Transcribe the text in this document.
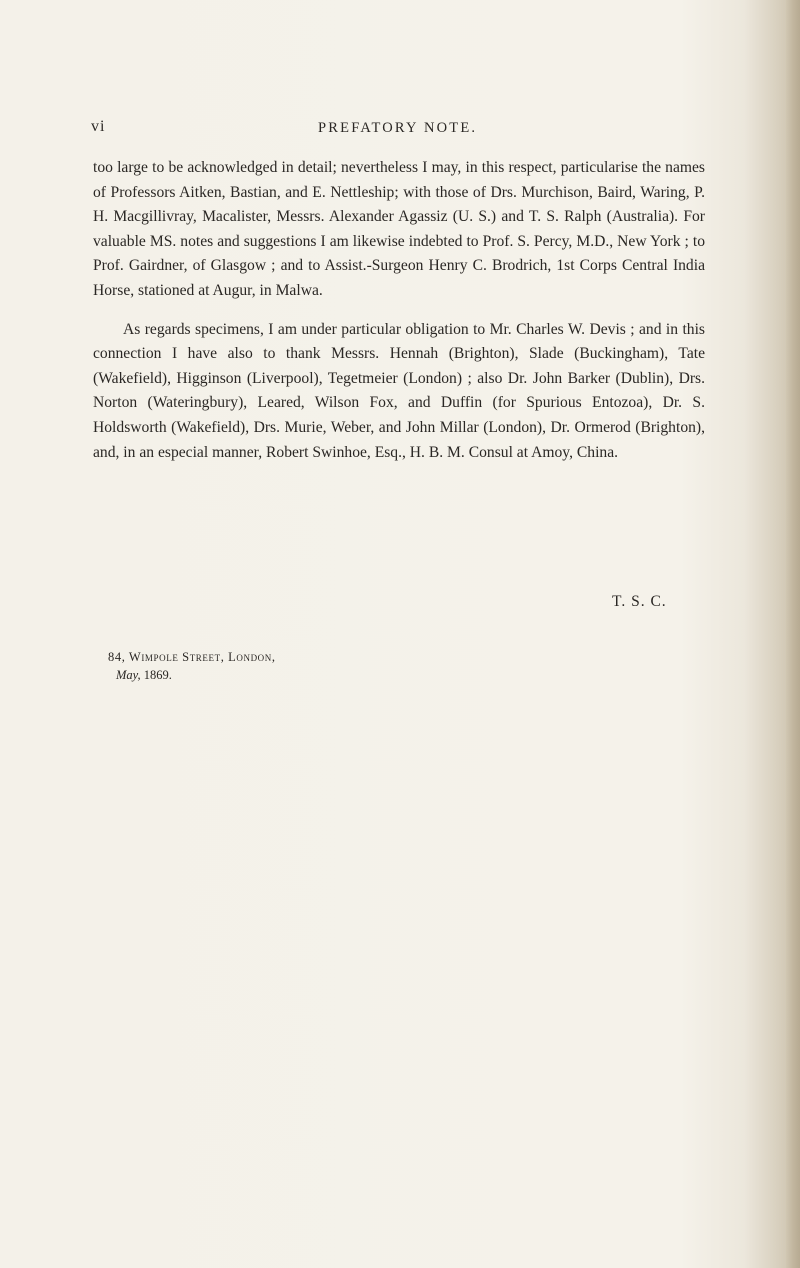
vi	PREFATORY NOTE.

too large to be acknowledged in detail; nevertheless I may, in this respect, particularise the names of Professors Aitken, Bastian, and E. Nettleship; with those of Drs. Murchison, Baird, Waring, P. H. Macgillivray, Macalister, Messrs. Alexander Agassiz (U. S.) and T. S. Ralph (Australia). For valuable MS. notes and suggestions I am likewise indebted to Prof. S. Percy, M.D., New York ; to Prof. Gairdner, of Glasgow ; and to Assist.-Surgeon Henry C. Brodrich, 1st Corps Central India Horse, stationed at Augur, in Malwa.

As regards specimens, I am under particular obligation to Mr. Charles W. Devis ; and in this connection I have also to thank Messrs. Hennah (Brighton), Slade (Buckingham), Tate (Wakefield), Higginson (Liverpool), Tegetmeier (London) ; also Dr. John Barker (Dublin), Drs. Norton (Wateringbury), Leared, Wilson Fox, and Duffin (for Spurious Entozoa), Dr. S. Holdsworth (Wakefield), Drs. Murie, Weber, and John Millar (London), Dr. Ormerod (Brighton), and, in an especial manner, Robert Swinhoe, Esq., H. B. M. Consul at Amoy, China.

T. S. C.
84, Wimpole Street, London,
May, 1869.
